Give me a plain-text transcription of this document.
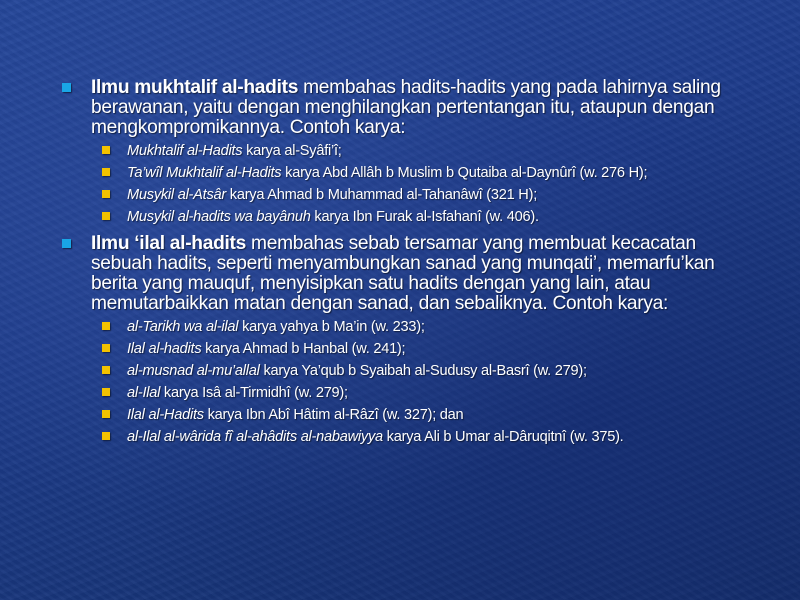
Ilmu mukhtalif al-hadits membahas hadits-hadits yang pada lahirnya saling berawanan, yaitu dengan menghilangkan pertentangan itu, ataupun dengan mengkompromikannya. Contoh karya:
Mukhtalif al-Hadits karya al-Syâfi’î;
Ta’wîl Mukhtalif al-Hadits karya Abd Allâh b Muslim b Qutaiba al-Daynûrî (w. 276 H);
Musykil al-Atsâr karya Ahmad b Muhammad al-Tahanâwî (321 H);
Musykil al-hadits wa bayânuh karya Ibn Furak al-Isfahanî (w. 406).
Ilmu ‘ilal al-hadits membahas sebab tersamar yang membuat kecacatan sebuah hadits, seperti menyambungkan sanad yang munqati’, memarfu’kan berita yang mauquf, menyisipkan satu hadits dengan yang lain, atau memutarbaikkan matan dengan sanad, dan sebaliknya. Contoh karya:
al-Tarikh wa al-ilal karya yahya b Ma’in (w. 233);
Ilal al-hadits karya Ahmad b Hanbal (w. 241);
al-musnad al-mu’allal karya Ya’qub b Syaibah al-Sudusy al-Basrî (w. 279);
al-Ilal karya Isâ al-Tirmidhî (w. 279);
Ilal al-Hadits karya Ibn Abî Hâtim al-Râzî (w. 327); dan
al-Ilal al-wârida fî al-ahâdits al-nabawiyya karya Ali b Umar al-Dâruqitnî (w. 375).
